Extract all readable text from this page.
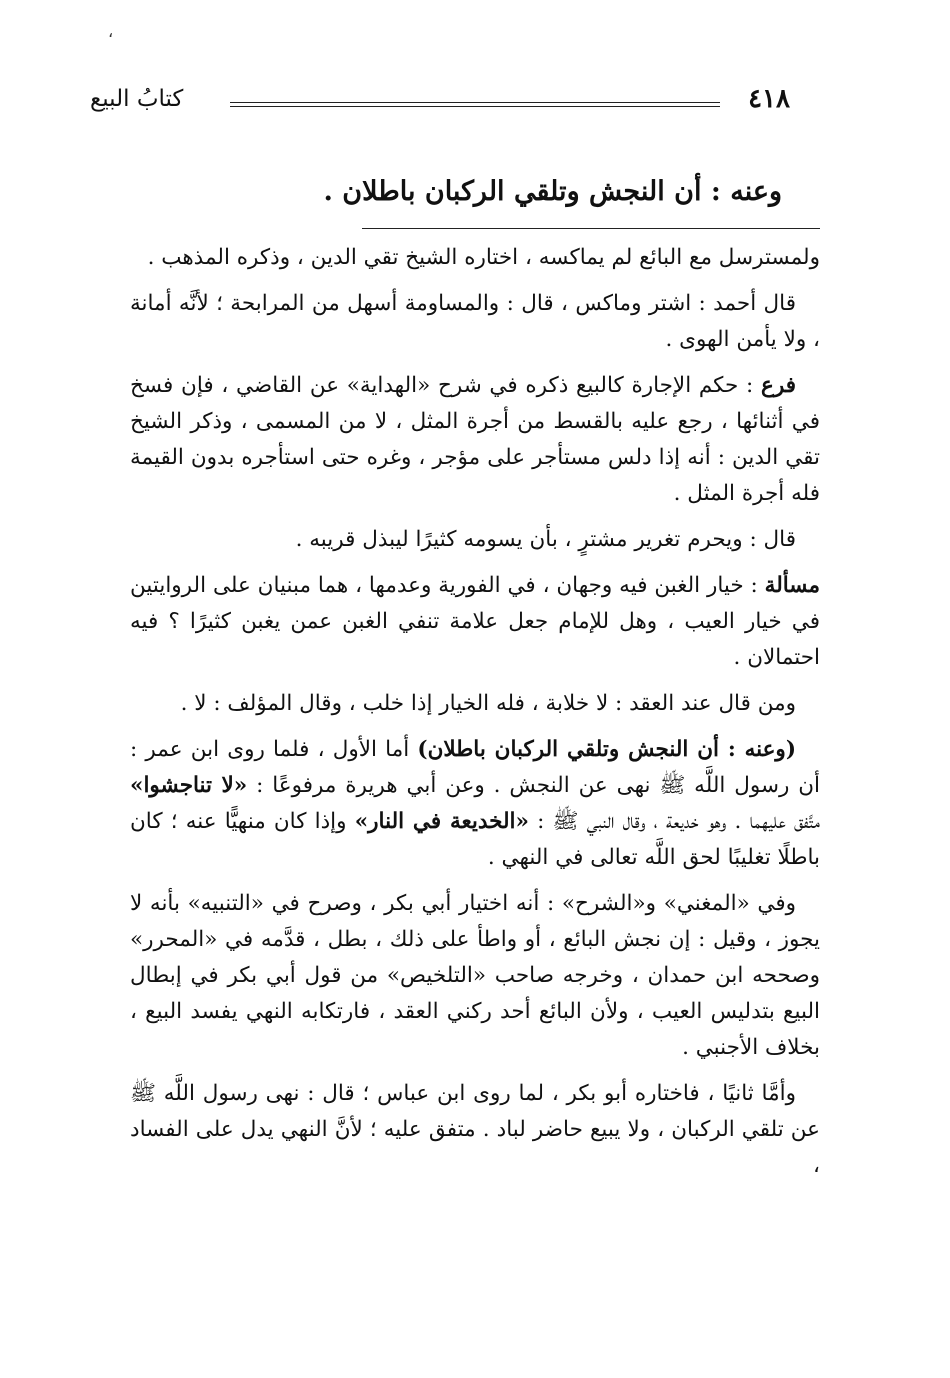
،
٤١٨
كتابُ البيع
وعنه : أن النجش وتلقي الركبان باطلان .

ولمسترسل مع البائع لم يماكسه ، اختاره الشيخ تقي الدين ، وذكره المذهب .

قال أحمد : اشتر وماكس ، قال : والمساومة أسهل من المرابحة ؛ لأنَّه أمانة ، ولا يأمن الهوى .

فرع : حكم الإجارة كالبيع ذكره في شرح «الهداية» عن القاضي ، فإن فسخ في أثنائها ، رجع عليه بالقسط من أجرة المثل ، لا من المسمى ، وذكر الشيخ تقي الدين : أنه إذا دلس مستأجر على مؤجر ، وغره حتى استأجره بدون القيمة فله أجرة المثل .

قال : ويحرم تغرير مشترٍ ، بأن يسومه كثيرًا ليبذل قريبه .

مسألة : خيار الغبن فيه وجهان ، في الفورية وعدمها ، هما مبنيان على الروايتين في خيار العيب ، وهل للإمام جعل علامة تنفي الغبن عمن يغبن كثيرًا ؟ فيه احتمالان .

ومن قال عند العقد : لا خلابة ، فله الخيار إذا خلب ، وقال المؤلف : لا .

(وعنه : أن النجش وتلقي الركبان باطلان) أما الأول ، فلما روى ابن عمر : أن رسول اللَّه ﷺ نهى عن النجش . وعن أبي هريرة مرفوعًا : «لا تناجشوا» متَّفق عليهما . وهو خديعة ، وقال النبي ﷺ : «الخديعة في النار» وإذا كان منهيًّا عنه ؛ كان باطلًا تغليبًا لحق اللَّه تعالى في النهي .

وفي «المغني» و«الشرح» : أنه اختيار أبي بكر ، وصرح في «التنبيه» بأنه لا يجوز ، وقيل : إن نجش البائع ، أو واطأ على ذلك ، بطل ، قدَّمه في «المحرر» وصححه ابن حمدان ، وخرجه صاحب «التلخيص» من قول أبي بكر في إبطال البيع بتدليس العيب ، ولأن البائع أحد ركني العقد ، فارتكابه النهي يفسد البيع ، بخلاف الأجنبي .

وأمَّا ثانيًا ، فاختاره أبو بكر ، لما روى ابن عباس ؛ قال : نهى رسول اللَّه ﷺ عن تلقي الركبان ، ولا يبيع حاضر لباد . متفق عليه ؛ لأنَّ النهي يدل على الفساد ،
